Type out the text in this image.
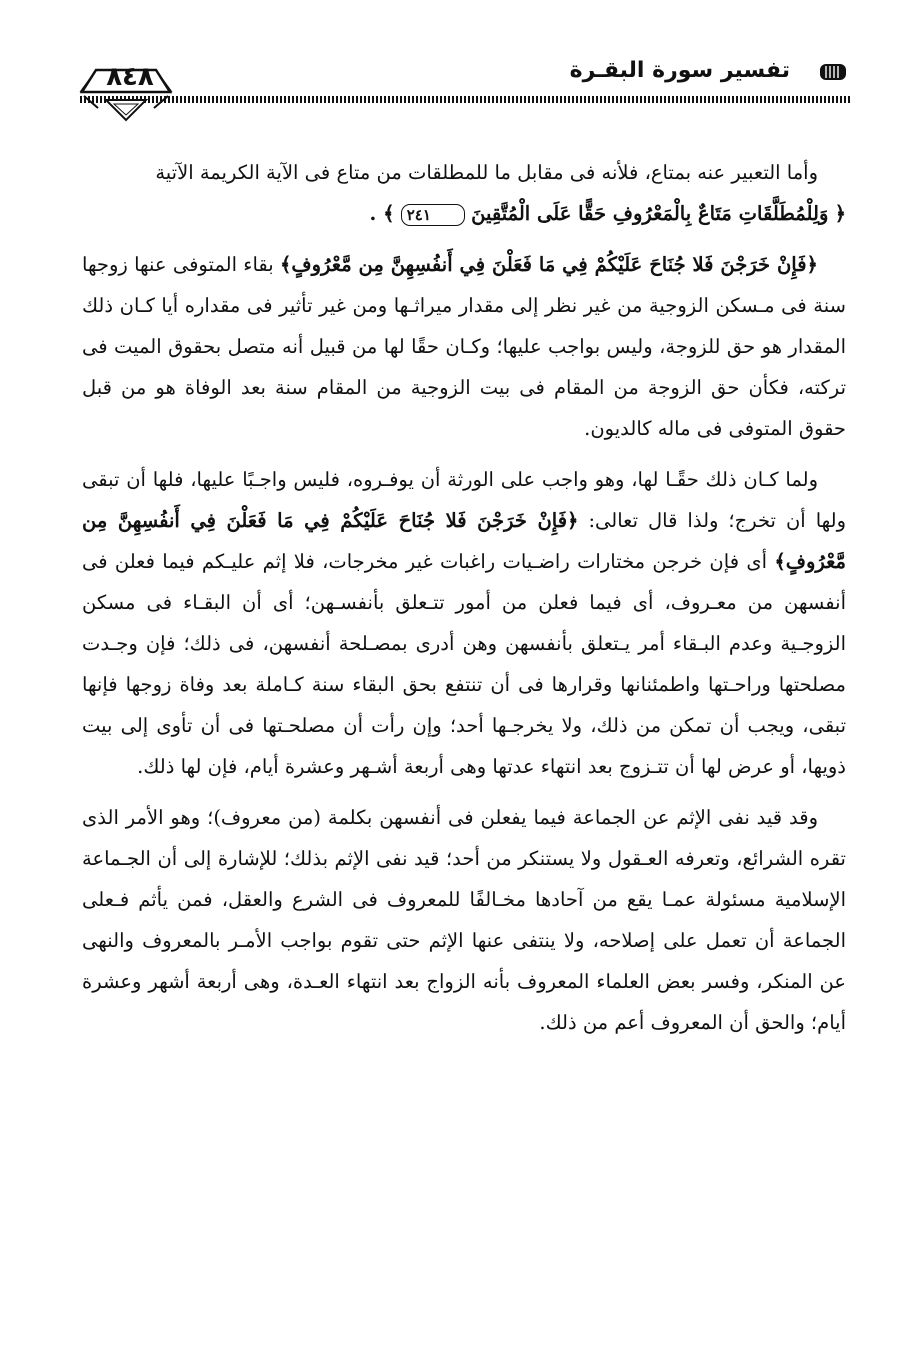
تفسير سورة البقـرة
٨٤٨

وأما التعبير عنه بمتاع، فلأنه فى مقابل ما للمطلقات من متاع فى الآية الكريمة الآتية
﴿ وَلِلْمُطَلَّقَاتِ مَتَاعٌ بِالْمَعْرُوفِ حَقًّا عَلَى الْمُتَّقِينَ ٢٤١ ﴾ .

﴿فَإِنْ خَرَجْنَ فَلا جُنَاحَ عَلَيْكُمْ فِي مَا فَعَلْنَ فِي أَنفُسِهِنَّ مِن مَّعْرُوفٍ﴾ بقاء المتوفى عنها زوجها سنة فى مـسكن الزوجية من غير نظر إلى مقدار ميراثـها ومن غير تأثير فى مقداره أيا كـان ذلك المقدار هو حق للزوجة، وليس بواجب عليها؛ وكـان حقًا لها من قبيل أنه متصل بحقوق الميت فى تركته، فكأن حق الزوجة من المقام فى بيت الزوجية من المقام سنة بعد الوفاة هو من قبل حقوق المتوفى فى ماله كالديون.

ولما كـان ذلك حقًـا لها، وهو واجب على الورثة أن يوفـروه، فليس واجـبًا عليها، فلها أن تبقى ولها أن تخرج؛ ولذا قال تعالى: ﴿فَإِنْ خَرَجْنَ فَلا جُنَاحَ عَلَيْكُمْ فِي مَا فَعَلْنَ فِي أَنفُسِهِنَّ مِن مَّعْرُوفٍ﴾ أى فإن خرجن مختارات راضـيات راغبات غير مخرجات، فلا إثم عليـكم فيما فعلن فى أنفسهن من معـروف، أى فيما فعلن من أمور تتـعلق بأنفسـهن؛ أى أن البقـاء فى مسكن الزوجـية وعدم البـقاء أمر يـتعلق بأنفسهن وهن أدرى بمصـلحة أنفسهن، فى ذلك؛ فإن وجـدت مصلحتها وراحـتها واطمئنانها وقرارها فى أن تنتفع بحق البقاء سنة كـاملة بعد وفاة زوجها فإنها تبقى، ويجب أن تمكن من ذلك، ولا يخرجـها أحد؛ وإن رأت أن مصلحـتها فى أن تأوى إلى بيت ذويها، أو عرض لها أن تتـزوج بعد انتهاء عدتها وهى أربعة أشـهر وعشرة أيام، فإن لها ذلك.

وقد قيد نفى الإثم عن الجماعة فيما يفعلن فى أنفسهن بكلمة (من معروف)؛ وهو الأمر الذى تقره الشرائع، وتعرفه العـقول ولا يستنكر من أحد؛ قيد نفى الإثم بذلك؛ للإشارة إلى أن الجـماعة الإسلامية مسئولة عمـا يقع من آحادها مخـالفًا للمعروف فى الشرع والعقل، فمن يأثم فـعلى الجماعة أن تعمل على إصلاحه، ولا ينتفى عنها الإثم حتى تقوم بواجب الأمـر بالمعروف والنهى عن المنكر، وفسر بعض العلماء المعروف بأنه الزواج بعد انتهاء العـدة، وهى أربعة أشهر وعشرة أيام؛ والحق أن المعروف أعم من ذلك.
